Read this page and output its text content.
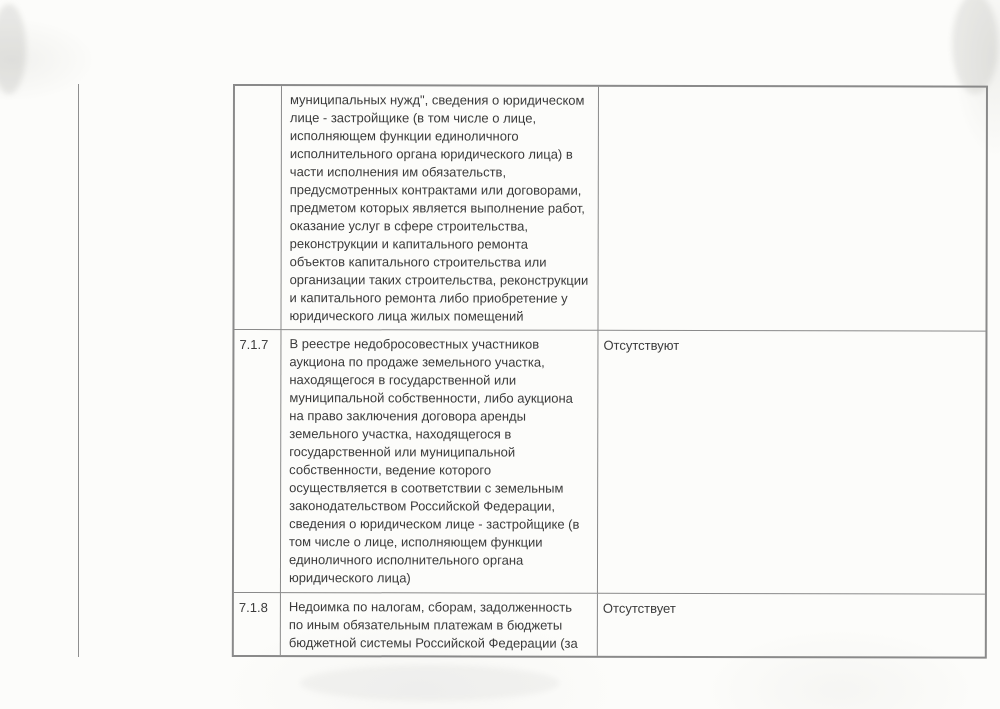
муниципальных нужд", сведения о юридическом
лице - застройщике (в том числе о лице,
исполняющем функции единоличного
исполнительного органа юридического лица) в
части исполнения им обязательств,
предусмотренных контрактами или договорами,
предметом которых является выполнение работ,
оказание услуг в сфере строительства,
реконструкции и капитального ремонта
объектов капитального строительства или
организации таких строительства, реконструкции
и капитального ремонта либо приобретение у
юридического лица жилых помещений
7.1.7	В реестре недобросовестных участников
аукциона по продаже земельного участка,
находящегося в государственной или
муниципальной собственности, либо аукциона
на право заключения договора аренды
земельного участка, находящегося в
государственной или муниципальной
собственности, ведение которого
осуществляется в соответствии с земельным
законодательством Российской Федерации,
сведения о юридическом лице - застройщике (в
том числе о лице, исполняющем функции
единоличного исполнительного органа
юридического лица)
Отсутствуют
7.1.8	Недоимка по налогам, сборам, задолженность
по иным обязательным платежам в бюджеты
бюджетной системы Российской Федерации (за
Отсутствует
